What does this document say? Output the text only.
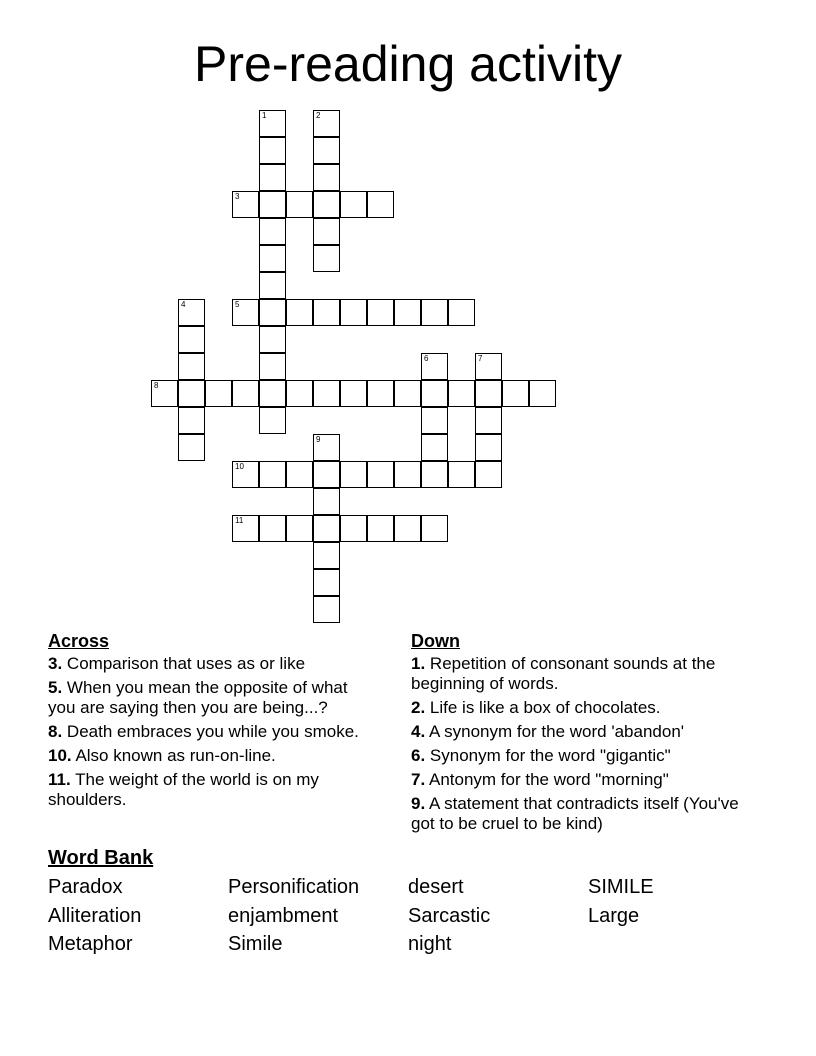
Pre-reading activity
1	2
3
4	5
6	7
8
9
10
11
Across
3. Comparison that uses as or like
5. When you mean the opposite of what you are saying then you are being...?
8. Death embraces you while you smoke.
10. Also known as run-on-line.
11. The weight of the world is on my shoulders.
Down
1. Repetition of consonant sounds at the beginning of words.
2. Life is like a box of chocolates.
4. A synonym for the word 'abandon'
6. Synonym for the word "gigantic"
7. Antonym for the word "morning"
9. A statement that contradicts itself (You've got to be cruel to be kind)
Word Bank
Paradox	Personification	desert	SIMILE
Alliteration	enjambment	Sarcastic	Large
Metaphor	Simile	night
